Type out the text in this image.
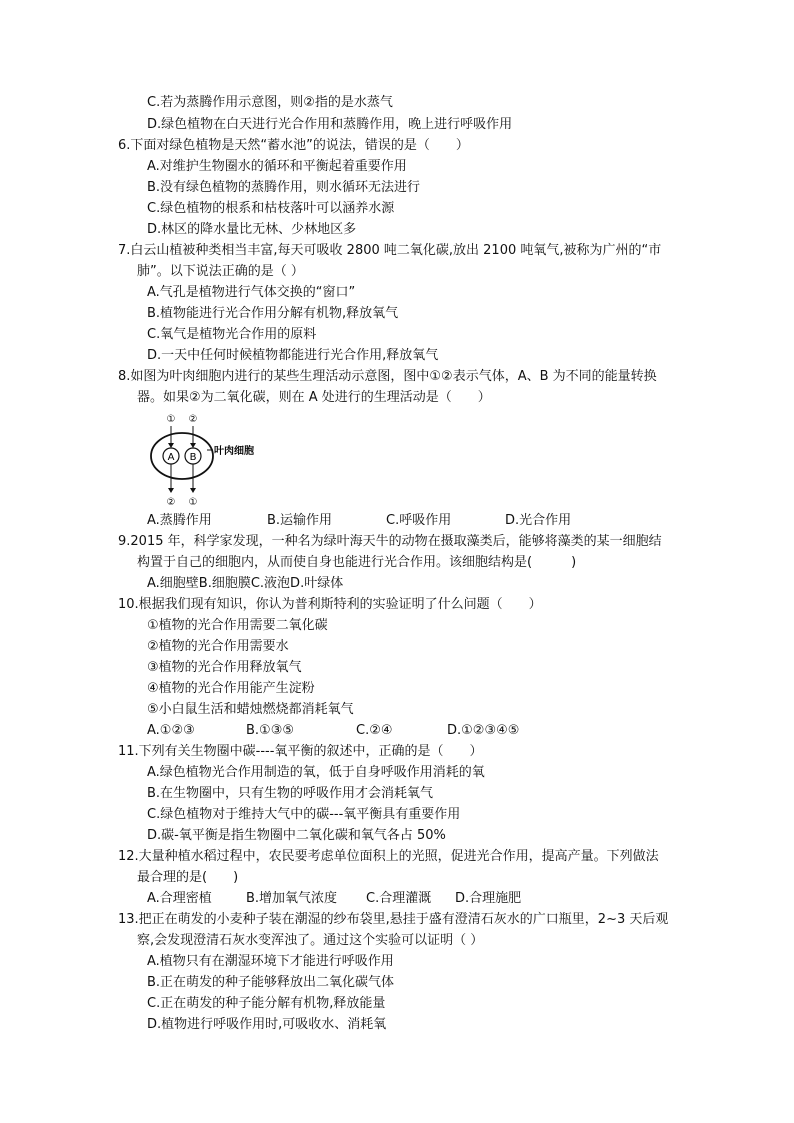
C.若为蒸腾作用示意图，则②指的是水蒸气
D.绿色植物在白天进行光合作用和蒸腾作用，晚上进行呼吸作用
6.下面对绿色植物是天然“蓄水池”的说法，错误的是（　　）
A.对维护生物圈水的循环和平衡起着重要作用
B.没有绿色植物的蒸腾作用，则水循环无法进行
C.绿色植物的根系和枯枝落叶可以涵养水源
D.林区的降水量比无林、少林地区多
7.白云山植被种类相当丰富,每天可吸收 2800 吨二氧化碳,放出 2100 吨氧气,被称为广州的“市
肺”。以下说法正确的是（ ）
A.气孔是植物进行气体交换的“窗口”
B.植物能进行光合作用分解有机物,释放氧气
C.氧气是植物光合作用的原料
D.一天中任何时候植物都能进行光合作用,释放氧气
8.如图为叶肉细胞内进行的某些生理活动示意图，图中①②表示气体，A、B 为不同的能量转换
器。如果②为二氧化碳，则在 A 处进行的生理活动是（　　）
A B
① ②
② ①
叶肉细胞
A.蒸腾作用	B.运输作用	C.呼吸作用	D.光合作用
9.2015 年，科学家发现，一种名为绿叶海天牛的动物在摄取藻类后，能够将藻类的某一细胞结
构置于自己的细胞内，从而使自身也能进行光合作用。该细胞结构是(　　　)
A.细胞壁B.细胞膜C.液泡D.叶绿体
10.根据我们现有知识，你认为普利斯特利的实验证明了什么问题（　　）
①植物的光合作用需要二氧化碳
②植物的光合作用需要水
③植物的光合作用释放氧气
④植物的光合作用能产生淀粉
⑤小白鼠生活和蜡烛燃烧都消耗氧气
A.①②③	B.①③⑤	C.②④	D.①②③④⑤
11.下列有关生物圈中碳----氧平衡的叙述中，正确的是（　　）
A.绿色植物光合作用制造的氧，低于自身呼吸作用消耗的氧
B.在生物圈中，只有生物的呼吸作用才会消耗氧气
C.绿色植物对于维持大气中的碳---氧平衡具有重要作用
D.碳-氧平衡是指生物圈中二氧化碳和氧气各占 50%
12.大量种植水稻过程中，农民要考虑单位面积上的光照，促进光合作用，提高产量。下列做法
最合理的是(　　)
A.合理密植	B.增加氧气浓度 C.合理灌溉 D.合理施肥
13.把正在萌发的小麦种子装在潮湿的纱布袋里,悬挂于盛有澄清石灰水的广口瓶里，2~3 天后观
察,会发现澄清石灰水变浑浊了。通过这个实验可以证明（ ）
A.植物只有在潮湿环境下才能进行呼吸作用
B.正在萌发的种子能够释放出二氧化碳气体
C.正在萌发的种子能分解有机物,释放能量
D.植物进行呼吸作用时,可吸收水、消耗氧
